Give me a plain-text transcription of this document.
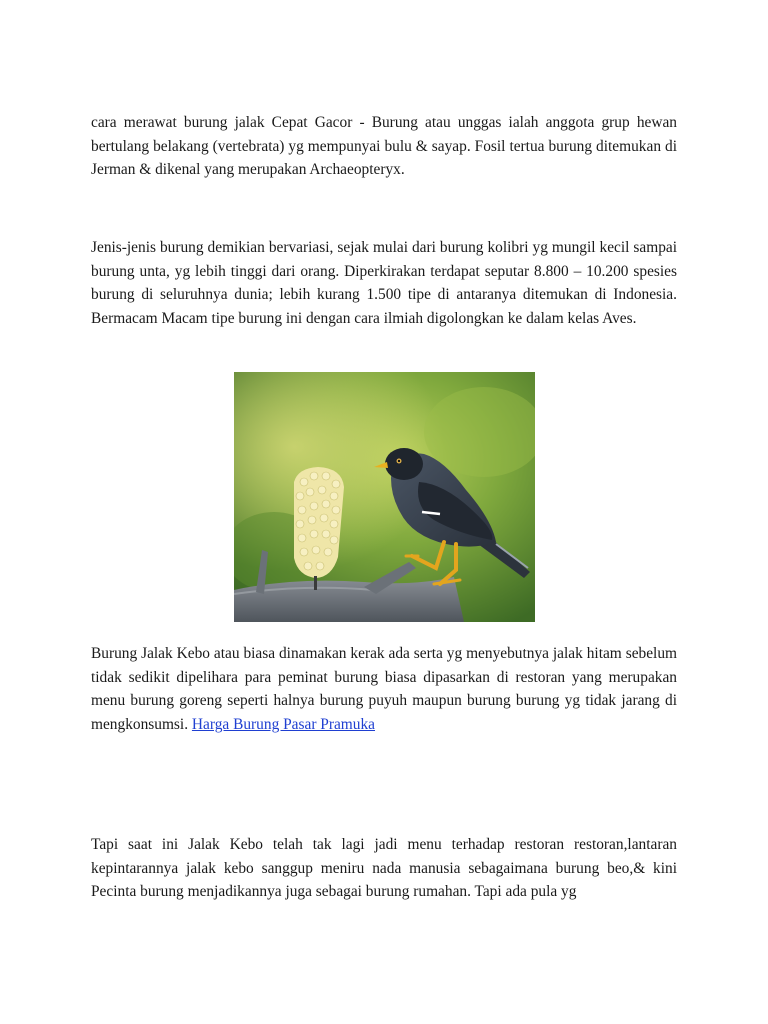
cara merawat burung jalak Cepat Gacor - Burung atau unggas ialah anggota grup hewan bertulang belakang (vertebrata) yg mempunyai bulu & sayap. Fosil tertua burung ditemukan di Jerman & dikenal yang merupakan Archaeopteryx.

Jenis-jenis burung demikian bervariasi, sejak mulai dari burung kolibri yg mungil kecil sampai burung unta, yg lebih tinggi dari orang. Diperkirakan terdapat seputar 8.800 – 10.200 spesies burung di seluruhnya dunia; lebih kurang 1.500 tipe di antaranya ditemukan di Indonesia. Bermacam Macam tipe burung ini dengan cara ilmiah digolongkan ke dalam kelas Aves.

Burung Jalak Kebo atau biasa dinamakan kerak ada serta yg menyebutnya jalak hitam sebelum tidak sedikit dipelihara para peminat burung biasa dipasarkan di restoran yang merupakan menu burung goreng seperti halnya burung puyuh maupun burung burung yg tidak jarang di mengkonsumsi. Harga Burung Pasar Pramuka

Tapi saat ini Jalak Kebo telah tak lagi jadi menu terhadap restoran restoran,lantaran kepintarannya jalak kebo sanggup meniru nada manusia sebagaimana burung beo,& kini Pecinta burung menjadikannya juga sebagai burung rumahan. Tapi ada pula yg
